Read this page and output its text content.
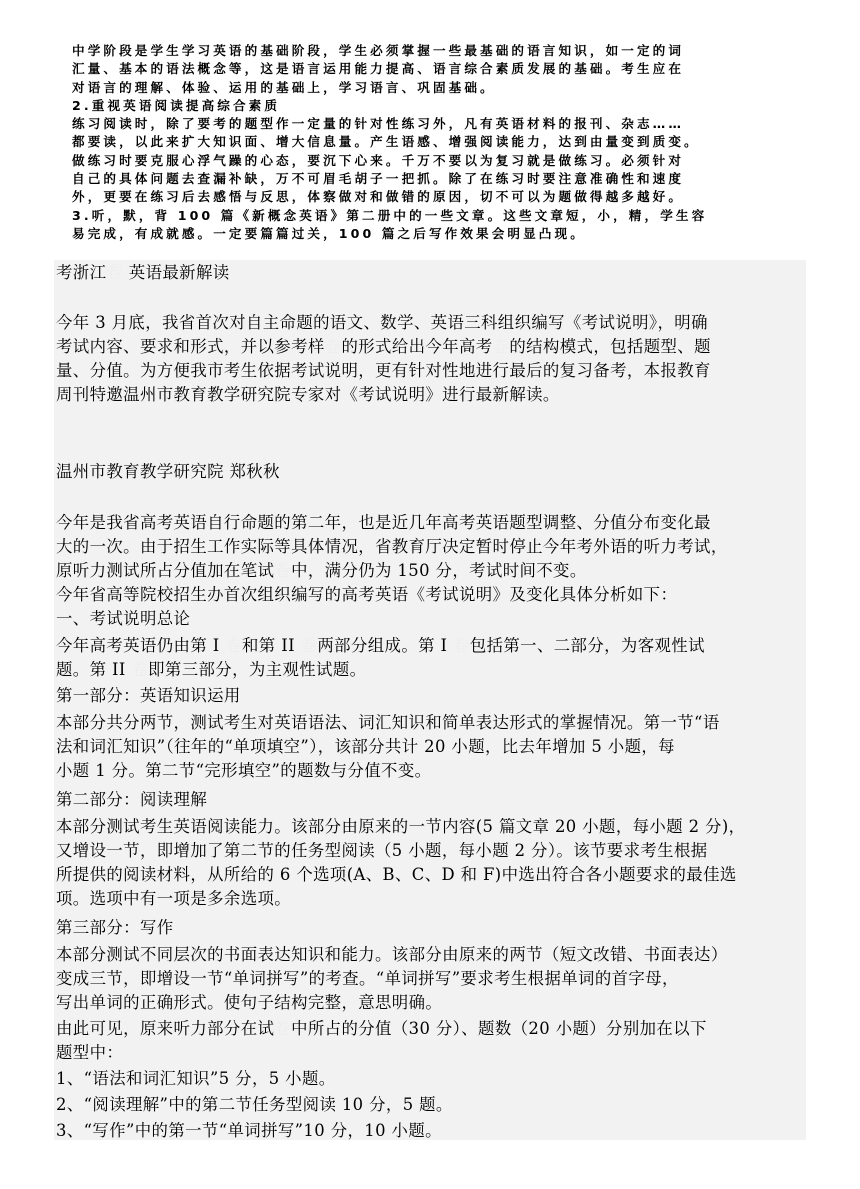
中学阶段是学生学习英语的基础阶段，学生必须掌握一些最基础的语言知识，如一定的词
汇量、基本的语法概念等，这是语言运用能力提高、语言综合素质发展的基础。考生应在
对语言的理解、体验、运用的基础上，学习语言、巩固基础。
2.重视英语阅读提高综合素质
练习阅读时，除了要考的题型作一定量的针对性练习外，凡有英语材料的报刊、杂志……
都要读，以此来扩大知识面、增大信息量。产生语感、增强阅读能力，达到由量变到质变。
做练习时要克服心浮气躁的心态，要沉下心来。千万不要以为复习就是做练习。必须针对
自己的具体问题去查漏补缺，万不可眉毛胡子一把抓。除了在练习时要注意准确性和速度
外，更要在练习后去感悟与反思，体察做对和做错的原因，切不可以为题做得越多越好。
3.听，默，背 100 篇《新概念英语》第二册中的一些文章。这些文章短，小，精，学生容
易完成，有成就感。一定要篇篇过关，100 篇之后写作效果会明显凸现。
考浙江卷 英语最新解读
今年 3 月底，我省首次对自主命题的语文、数学、英语三科组织编写《考试说明》，明确
考试内容、要求和形式，并以参考样卷的形式给出今年高考卷的结构模式，包括题型、题
量、分值。为方便我市考生依据考试说明，更有针对性地进行最后的复习备考，本报教育
周刊特邀温州市教育教学研究院专家对《考试说明》进行最新解读。
温州市教育教学研究院 郑秋秋
今年是我省高考英语自行命题的第二年，也是近几年高考英语题型调整、分值分布变化最
大的一次。由于招生工作实际等具体情况，省教育厅决定暂时停止今年考外语的听力考试，
原听力测试所占分值加在笔试卷中，满分仍为 150 分，考试时间不变。
今年省高等院校招生办首次组织编写的高考英语《考试说明》及变化具体分析如下：
一、考试说明总论
今年高考英语仍由第 I 卷和第 II 卷两部分组成。第 I 卷包括第一、二部分，为客观性试
题。第 II 卷即第三部分，为主观性试题。
第一部分：英语知识运用
本部分共分两节，测试考生对英语语法、词汇知识和简单表达形式的掌握情况。第一节“语
法和词汇知识”（往年的“单项填空”），该部分共计 20 小题，比去年增加 5 小题，每
小题 1 分。第二节“完形填空”的题数与分值不变。
第二部分：阅读理解
本部分测试考生英语阅读能力。该部分由原来的一节内容(5 篇文章 20 小题，每小题 2 分)，
又增设一节，即增加了第二节的任务型阅读（5 小题，每小题 2 分）。该节要求考生根据
所提供的阅读材料，从所给的 6 个选项(A、B、C、D 和 F)中选出符合各小题要求的最佳选
项。选项中有一项是多余选项。
第三部分：写作
本部分测试不同层次的书面表达知识和能力。该部分由原来的两节（短文改错、书面表达）
变成三节，即增设一节“单词拼写”的考查。“单词拼写”要求考生根据单词的首字母，
写出单词的正确形式。使句子结构完整，意思明确。
由此可见，原来听力部分在试卷中所占的分值（30 分）、题数（20 小题）分别加在以下
题型中：
1、“语法和词汇知识”5 分，5 小题。
2、“阅读理解”中的第二节任务型阅读 10 分，5 题。
3、“写作”中的第一节“单词拼写”10 分，10 小题。
